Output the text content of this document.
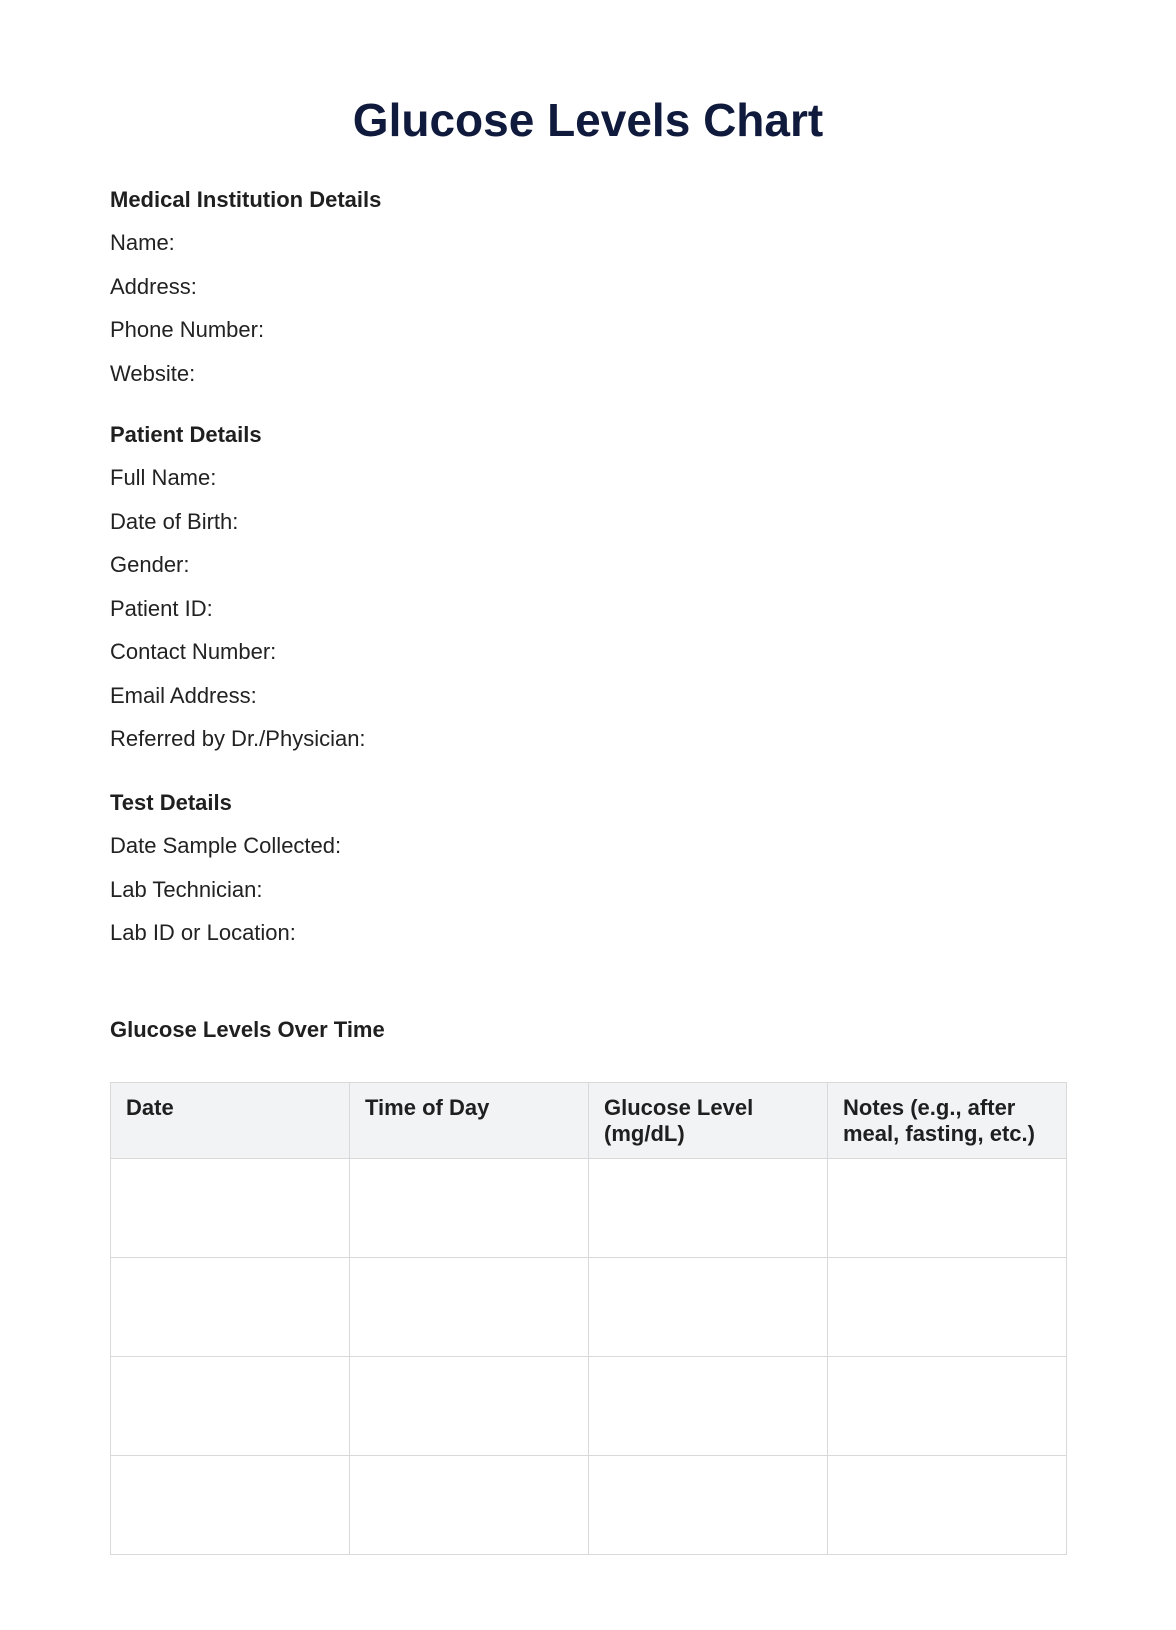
Glucose Levels Chart
Medical Institution Details
Name:
Address:
Phone Number:
Website:
Patient Details
Full Name:
Date of Birth:
Gender:
Patient ID:
Contact Number:
Email Address:
Referred by Dr./Physician:
Test Details
Date Sample Collected:
Lab Technician:
Lab ID or Location:
Glucose Levels Over Time
Date	Time of Day	Glucose Level (mg/dL)	Notes (e.g., after meal, fasting, etc.)
